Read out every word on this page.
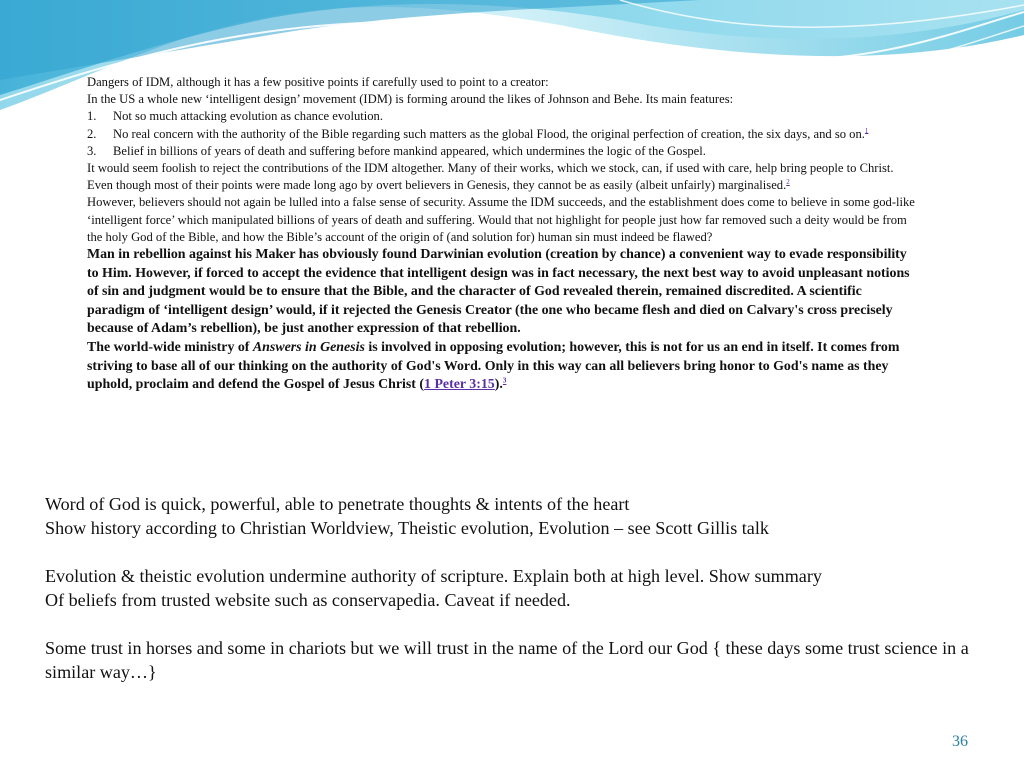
Dangers of IDM, although it has a few positive points if carefully used to point to a creator:

In the US a whole new ‘intelligent design’ movement (IDM) is forming around the likes of Johnson and Behe. Its main features:

1. Not so much attacking evolution as chance evolution.
2. No real concern with the authority of the Bible regarding such matters as the global Flood, the original perfection of creation, the six days, and so on.$^1$
3. Belief in billions of years of death and suffering before mankind appeared, which undermines the logic of the Gospel.

It would seem foolish to reject the contributions of the IDM altogether. Many of their works, which we stock, can, if used with care, help bring people to Christ. Even though most of their points were made long ago by overt believers in Genesis, they cannot be as easily (albeit unfairly) marginalised.$^2$

However, believers should not again be lulled into a false sense of security. Assume the IDM succeeds, and the establishment does come to believe in some god-like ‘intelligent force’ which manipulated billions of years of death and suffering. Would that not highlight for people just how far removed such a deity would be from the holy God of the Bible, and how the Bible’s account of the origin of (and solution for) human sin must indeed be flawed?

Man in rebellion against his Maker has obviously found Darwinian evolution (creation by chance) a convenient way to evade responsibility to Him. However, if forced to accept the evidence that intelligent design was in fact necessary, the next best way to avoid unpleasant notions of sin and judgment would be to ensure that the Bible, and the character of God revealed therein, remained discredited. A scientific paradigm of ‘intelligent design’ would, if it rejected the Genesis Creator (the one who became flesh and died on Calvary's cross precisely because of Adam’s rebellion), be just another expression of that rebellion.

The world-wide ministry of Answers in Genesis is involved in opposing evolution; however, this is not for us an end in itself. It comes from striving to base all of our thinking on the authority of God's Word. Only in this way can all believers bring honor to God's name as they uphold, proclaim and defend the Gospel of Jesus Christ (1 Peter 3:15).$^3$

Word of God is quick, powerful, able to penetrate thoughts & intents of the heart

Show history according to Christian Worldview, Theistic evolution, Evolution – see Scott Gillis talk

Evolution & theistic evolution undermine authority of scripture. Explain both at high level. Show summary

Of beliefs from trusted website such as conservapedia. Caveat if needed.

Some trust in horses and some in chariots but we will trust in the name of the Lord our God { these days some trust science in a similar way…}

36
